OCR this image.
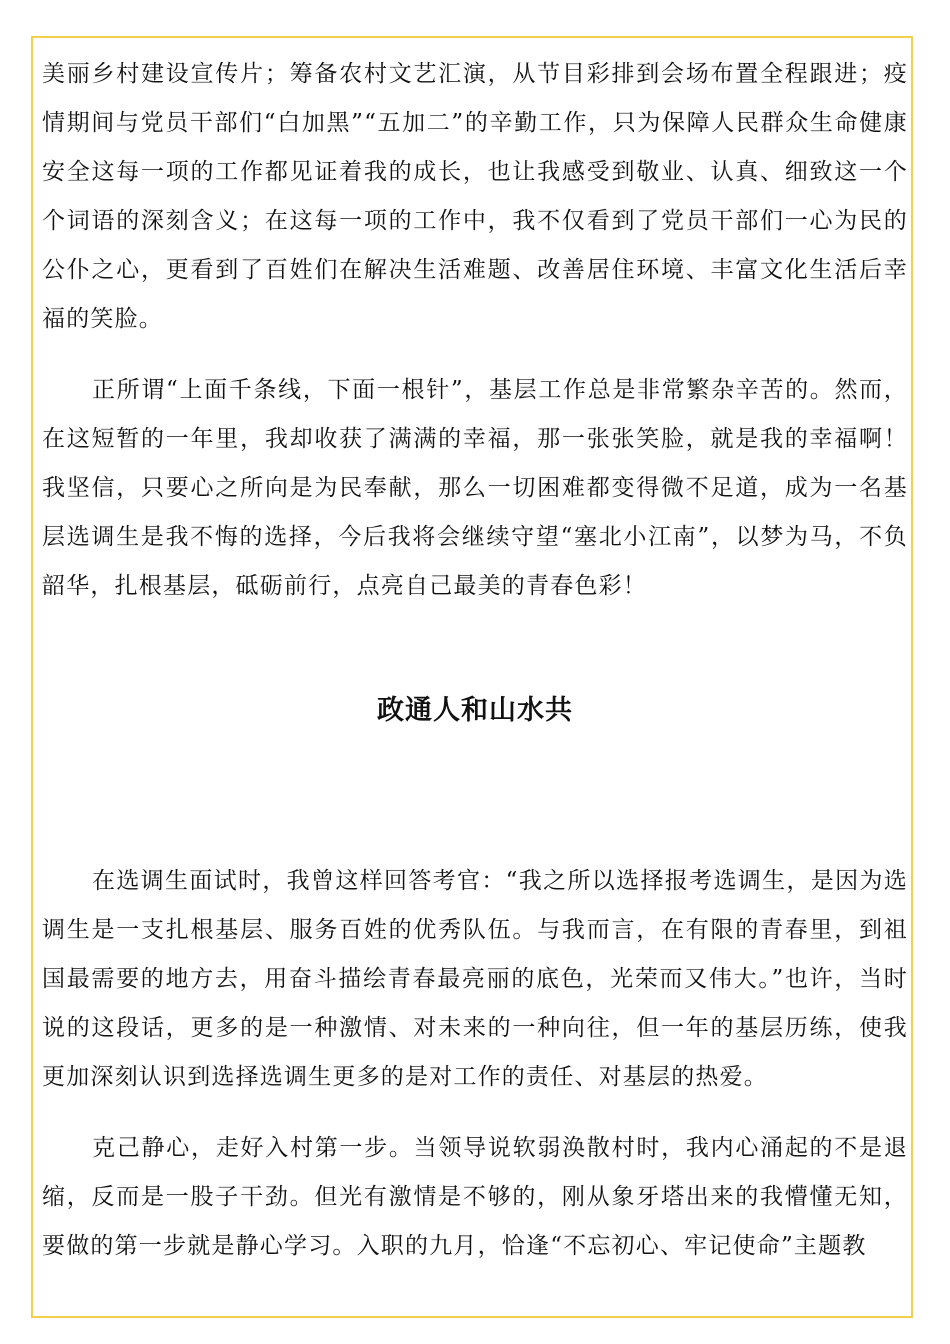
美丽乡村建设宣传片；筹备农村文艺汇演，从节目彩排到会场布置全程跟进；疫情期间与党员干部们“白加黑”“五加二”的辛勤工作，只为保障人民群众生命健康安全这每一项的工作都见证着我的成长，也让我感受到敬业、认真、细致这一个个词语的深刻含义；在这每一项的工作中，我不仅看到了党员干部们一心为民的公仆之心，更看到了百姓们在解决生活难题、改善居住环境、丰富文化生活后幸福的笑脸。

正所谓“上面千条线，下面一根针”，基层工作总是非常繁杂辛苦的。然而，在这短暂的一年里，我却收获了满满的幸福，那一张张笑脸，就是我的幸福啊！我坚信，只要心之所向是为民奉献，那么一切困难都变得微不足道，成为一名基层选调生是我不悔的选择，今后我将会继续守望“塞北小江南”，以梦为马，不负韶华，扎根基层，砥砺前行，点亮自己最美的青春色彩！

政通人和山水共

在选调生面试时，我曾这样回答考官：“我之所以选择报考选调生，是因为选调生是一支扎根基层、服务百姓的优秀队伍。与我而言，在有限的青春里，到祖国最需要的地方去，用奋斗描绘青春最亮丽的底色，光荣而又伟大。”也许，当时说的这段话，更多的是一种激情、对未来的一种向往，但一年的基层历练，使我更加深刻认识到选择选调生更多的是对工作的责任、对基层的热爱。

克己静心，走好入村第一步。当领导说软弱涣散村时，我内心涌起的不是退缩，反而是一股子干劲。但光有激情是不够的，刚从象牙塔出来的我懵懂无知，要做的第一步就是静心学习。入职的九月，恰逢“不忘初心、牢记使命”主题教
